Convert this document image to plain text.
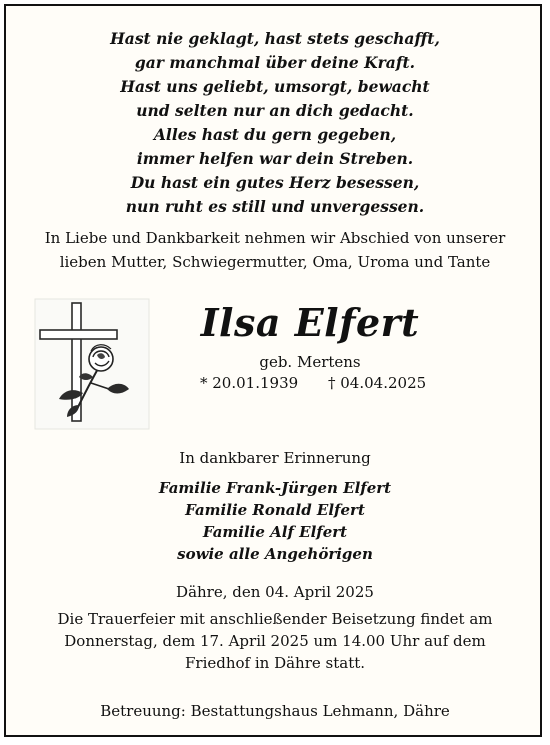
Hast nie geklagt, hast stets geschafft,
gar manchmal über deine Kraft.
Hast uns geliebt, umsorgt, bewacht
und selten nur an dich gedacht.
Alles hast du gern gegeben,
immer helfen war dein Streben.
Du hast ein gutes Herz besessen,
nun ruht es still und unvergessen.
In Liebe und Dankbarkeit nehmen wir Abschied von unserer
lieben Mutter, Schwiegermutter, Oma, Uroma und Tante
Ilsa Elfert
geb. Mertens
* 20.01.1939 † 04.04.2025
In dankbarer Erinnerung
Familie Frank-Jürgen Elfert
Familie Ronald Elfert
Familie Alf Elfert
sowie alle Angehörigen
Dähre, den 04. April 2025
Die Trauerfeier mit anschließender Beisetzung findet am
Donnerstag, dem 17. April 2025 um 14.00 Uhr auf dem
Friedhof in Dähre statt.
Betreuung: Bestattungshaus Lehmann, Dähre
